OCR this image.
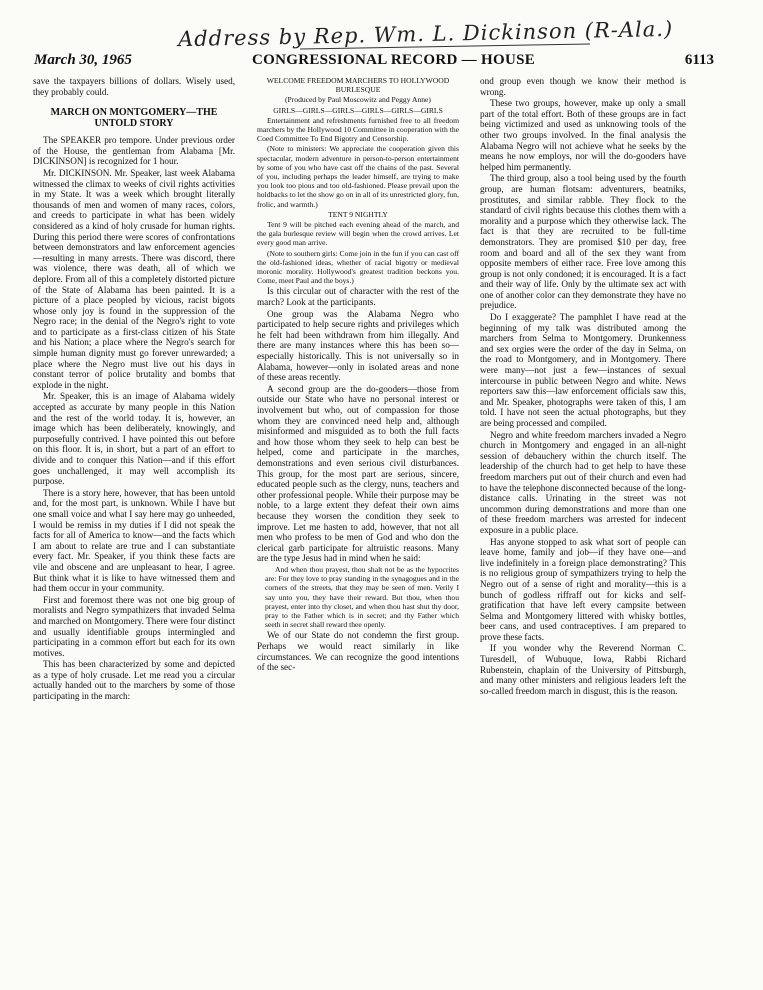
Address by Rep. Wm. L. Dickinson (R-Ala.)
March 30, 1965	CONGRESSIONAL RECORD — HOUSE	6113

save the taxpayers billions of dollars. Wisely used, they probably could.

MARCH ON MONTGOMERY—THE UNTOLD STORY

The SPEAKER pro tempore. Under previous order of the House, the gentleman from Alabama [Mr. DICKINSON] is recognized for 1 hour.

Mr. DICKINSON. Mr. Speaker, last week Alabama witnessed the climax to weeks of civil rights activities in my State. It was a week which brought literally thousands of men and women of many races, colors, and creeds to participate in what has been widely considered as a kind of holy crusade for human rights. During this period there were scores of confrontations between demonstrators and law enforcement agencies—resulting in many arrests. There was discord, there was violence, there was death, all of which we deplore. From all of this a completely distorted picture of the State of Alabama has been painted. It is a picture of a place peopled by vicious, racist bigots whose only joy is found in the suppression of the Negro race; in the denial of the Negro's right to vote and to participate as a first-class citizen of his State and his Nation; a place where the Negro's search for simple human dignity must go forever unrewarded; a place where the Negro must live out his days in constant terror of police brutality and bombs that explode in the night.

Mr. Speaker, this is an image of Alabama widely accepted as accurate by many people in this Nation and the rest of the world today. It is, however, an image which has been deliberately, knowingly, and purposefully contrived. I have pointed this out before on this floor. It is, in short, but a part of an effort to divide and to conquer this Nation—and if this effort goes unchallenged, it may well accomplish its purpose.

There is a story here, however, that has been untold and, for the most part, is unknown. While I have but one small voice and what I say here may go unheeded, I would be remiss in my duties if I did not speak the facts for all of America to know—and the facts which I am about to relate are true and I can substantiate every fact. Mr. Speaker, if you think these facts are vile and obscene and are unpleasant to hear, I agree. But think what it is like to have witnessed them and had them occur in your community.

First and foremost there was not one big group of moralists and Negro sympathizers that invaded Selma and marched on Montgomery. There were four distinct and usually identifiable groups intermingled and participating in a common effort but each for its own motives.

This has been characterized by some and depicted as a type of holy crusade. Let me read you a circular actually handed out to the marchers by some of those participating in the march:

WELCOME FREEDOM MARCHERS TO HOLLYWOOD BURLESQUE

(Produced by Paul Moscowitz and Peggy Anne)

GIRLS—GIRLS—GIRLS—GIRLS—GIRLS—GIRLS

Entertainment and refreshments furnished free to all freedom marchers by the Hollywood 10 Committee in cooperation with the Coed Committee To End Bigotry and Censorship.

(Note to ministers: We appreciate the cooperation given this spectacular, modern adventure in person-to-person entertainment by some of you who have cast off the chains of the past. Several of you, including perhaps the leader himself, are trying to make you look too pious and too old-fashioned. Please prevail upon the holdbacks to let the show go on in all of its unrestricted glory, fun, frolic, and warmth.)

TENT 9 NIGHTLY

Tent 9 will be pitched each evening ahead of the march, and the gala burlesque review will begin when the crowd arrives. Let every good man arrive.

(Note to southern girls: Come join in the fun if you can cast off the old-fashioned ideas, whether of racial bigotry or medieval moronic morality. Hollywood's greatest tradition beckons you. Come, meet Paul and the boys.)

Is this circular out of character with the rest of the march? Look at the participants.

One group was the Alabama Negro who participated to help secure rights and privileges which he felt had been withdrawn from him illegally. And there are many instances where this has been so—especially historically. This is not universally so in Alabama, however—only in isolated areas and none of these areas recently.

A second group are the do-gooders—those from outside our State who have no personal interest or involvement but who, out of compassion for those whom they are convinced need help and, although misinformed and misguided as to both the full facts and how those whom they seek to help can best be helped, come and participate in the marches, demonstrations and even serious civil disturbances. This group, for the most part are serious, sincere, educated people such as the clergy, nuns, teachers and other professional people. While their purpose may be noble, to a large extent they defeat their own aims because they worsen the condition they seek to improve. Let me hasten to add, however, that not all men who profess to be men of God and who don the clerical garb participate for altruistic reasons. Many are the type Jesus had in mind when he said:

And when thou prayest, thou shalt not be as the hypocrites are: For they love to pray standing in the synagogues and in the corners of the streets, that they may be seen of men. Verily I say unto you, they have their reward. But thou, when thou prayest, enter into thy closet, and when thou hast shut thy door, pray to the Father which is in secret; and thy Father which seeth in secret shall reward thee openly.

We of our State do not condemn the first group. Perhaps we would react similarly in like circumstances. We can recognize the good intentions of the sec-

ond group even though we know their method is wrong.

These two groups, however, make up only a small part of the total effort. Both of these groups are in fact being victimized and used as unknowing tools of the other two groups involved. In the final analysis the Alabama Negro will not achieve what he seeks by the means he now employs, nor will the do-gooders have helped him permanently.

The third group, also a tool being used by the fourth group, are human flotsam: adventurers, beatniks, prostitutes, and similar rabble. They flock to the standard of civil rights because this clothes them with a morality and a purpose which they otherwise lack. The fact is that they are recruited to be full-time demonstrators. They are promised $10 per day, free room and board and all of the sex they want from opposite members of either race. Free love among this group is not only condoned; it is encouraged. It is a fact and their way of life. Only by the ultimate sex act with one of another color can they demonstrate they have no prejudice.

Do I exaggerate? The pamphlet I have read at the beginning of my talk was distributed among the marchers from Selma to Montgomery. Drunkenness and sex orgies were the order of the day in Selma, on the road to Montgomery, and in Montgomery. There were many—not just a few—instances of sexual intercourse in public between Negro and white. News reporters saw this—law enforcement officials saw this, and Mr. Speaker, photographs were taken of this, I am told. I have not seen the actual photographs, but they are being processed and compiled.

Negro and white freedom marchers invaded a Negro church in Montgomery and engaged in an all-night session of debauchery within the church itself. The leadership of the church had to get help to have these freedom marchers put out of their church and even had to have the telephone disconnected because of the long-distance calls. Urinating in the street was not uncommon during demonstrations and more than one of these freedom marchers was arrested for indecent exposure in a public place.

Has anyone stopped to ask what sort of people can leave home, family and job—if they have one—and live indefinitely in a foreign place demonstrating? This is no religious group of sympathizers trying to help the Negro out of a sense of right and morality—this is a bunch of godless riffraff out for kicks and self-gratification that have left every campsite between Selma and Montgomery littered with whisky bottles, beer cans, and used contraceptives. I am prepared to prove these facts.

If you wonder why the Reverend Norman C. Turesdell, of Wubuque, Iowa, Rabbi Richard Rubenstein, chaplain of the University of Pittsburgh, and many other ministers and religious leaders left the so-called freedom march in disgust, this is the reason.
